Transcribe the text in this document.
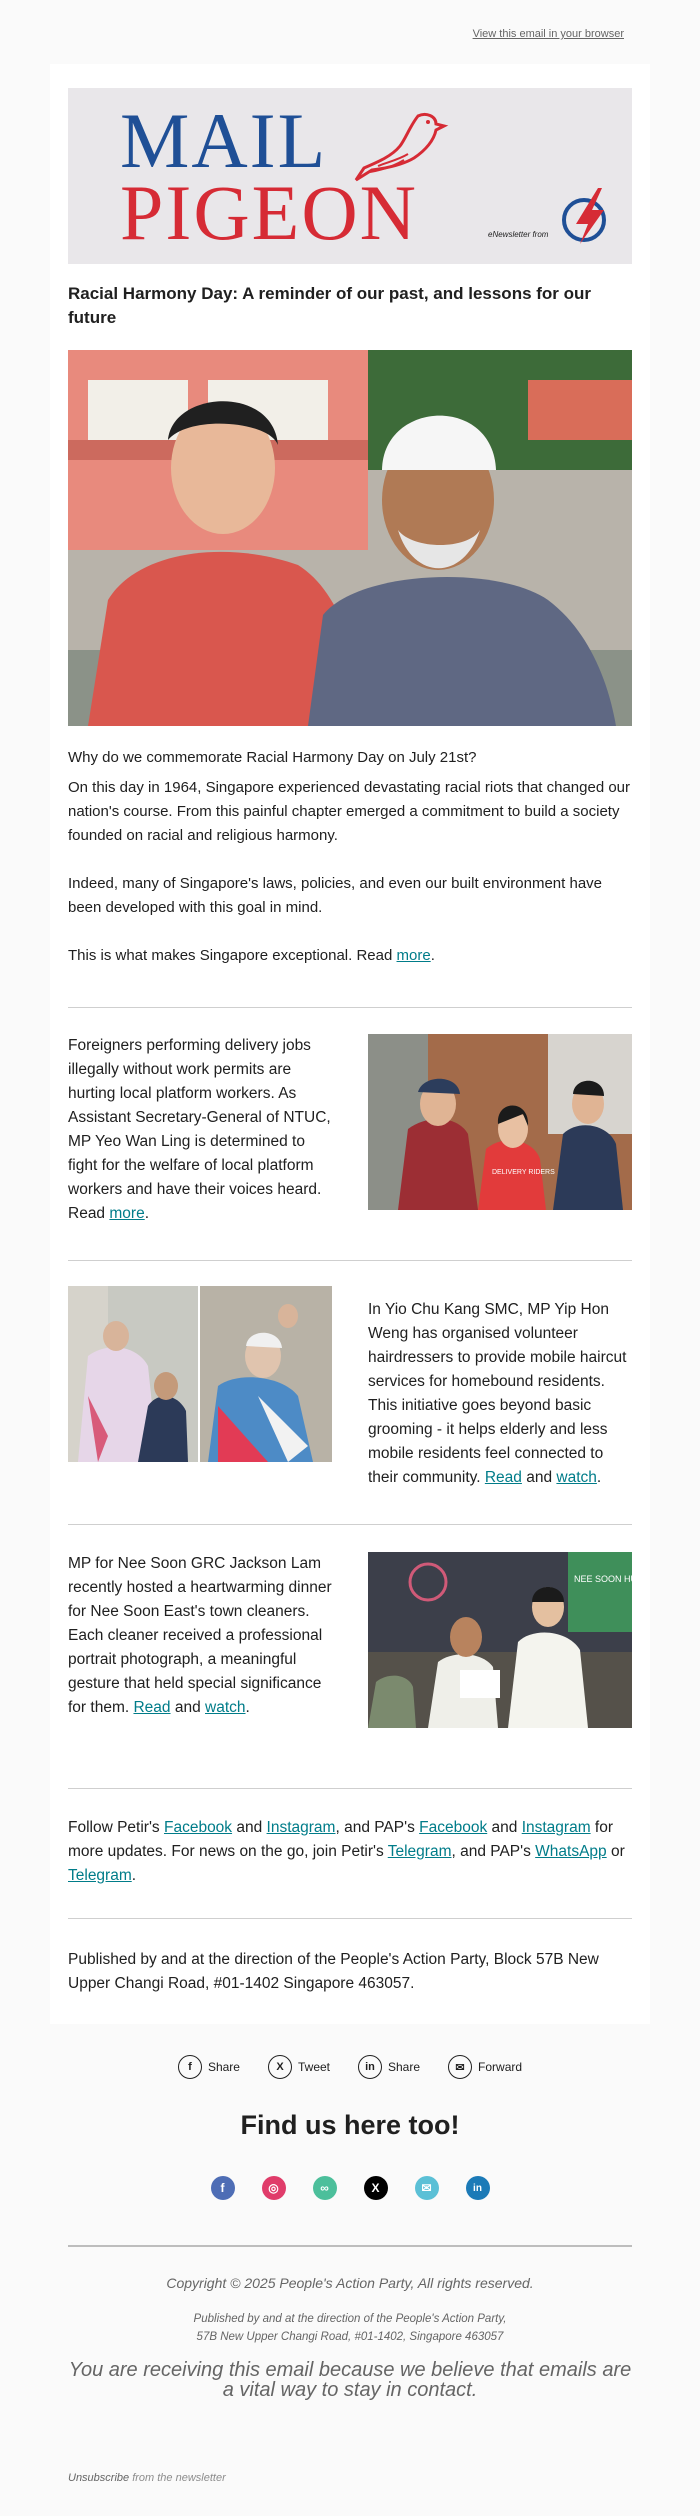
View this email in your browser
MAIL
PIGEON	eNewsletter from
Racial Harmony Day: A reminder of our past, and lessons for our future
Why do we commemorate Racial Harmony Day on July 21st?
On this day in 1964, Singapore experienced devastating racial riots that changed our nation's course. From this painful chapter emerged a commitment to build a society founded on racial and religious harmony.
Indeed, many of Singapore's laws, policies, and even our built environment have been developed with this goal in mind.
This is what makes Singapore exceptional. Read more.
Foreigners performing delivery jobs illegally without work permits are hurting local platform workers. As Assistant Secretary-General of NTUC, MP Yeo Wan Ling is determined to fight for the welfare of local platform workers and have their voices heard. Read more.
DELIVERY RIDERS
In Yio Chu Kang SMC, MP Yip Hon Weng has organised volunteer hairdressers to provide mobile haircut services for homebound residents. This initiative goes beyond basic grooming - it helps elderly and less mobile residents feel connected to their community. Read and watch.
MP for Nee Soon GRC Jackson Lam recently hosted a heartwarming dinner for Nee Soon East's town cleaners. Each cleaner received a professional portrait photograph, a meaningful gesture that held special significance for them. Read and watch.
NEE SOON HUB
Follow Petir's Facebook and Instagram, and PAP's Facebook and Instagram for more updates. For news on the go, join Petir's Telegram, and PAP's WhatsApp or Telegram.
Published by and at the direction of the People's Action Party, Block 57B New Upper Changi Road, #01-1402 Singapore 463057.
f	Share	X	Tweet	in	Share	✉	Forward
Find us here too!
f	◎	∞	X	✉	in
Copyright © 2025 People's Action Party, All rights reserved.
Published by and at the direction of the People's Action Party,
57B New Upper Changi Road, #01-1402, Singapore 463057
You are receiving this email because we believe that emails are a vital way to stay in contact.
Unsubscribe from the newsletter
